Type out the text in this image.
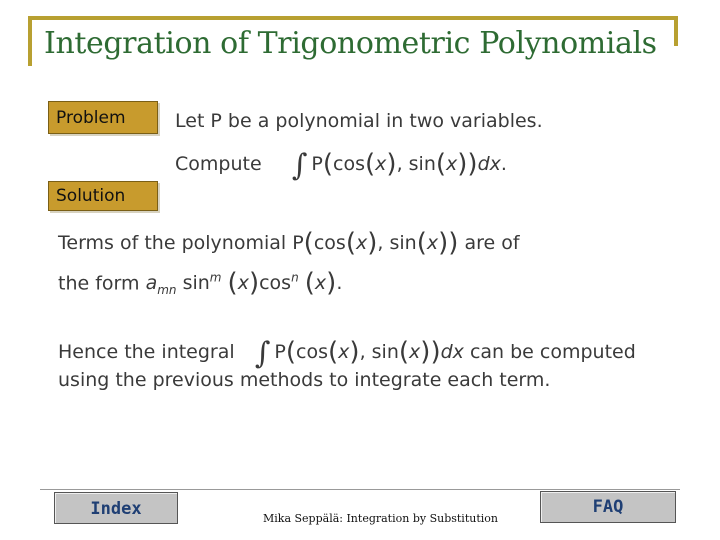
Integration of Trigonometric Polynomials
Problem	Let P be a polynomial in two variables.
Compute ∫ P(cos(x), sin(x))dx.
Solution
Terms of the polynomial P(cos(x), sin(x)) are of
the form $a_{mn}$ $\sin^m (x)\cos^n$ (x).
Hence the integral ∫ P(cos(x), sin(x))dx can be computed
using the previous methods to integrate each term.
Index	Mika Seppälä: Integration by Substitution
FAQ
